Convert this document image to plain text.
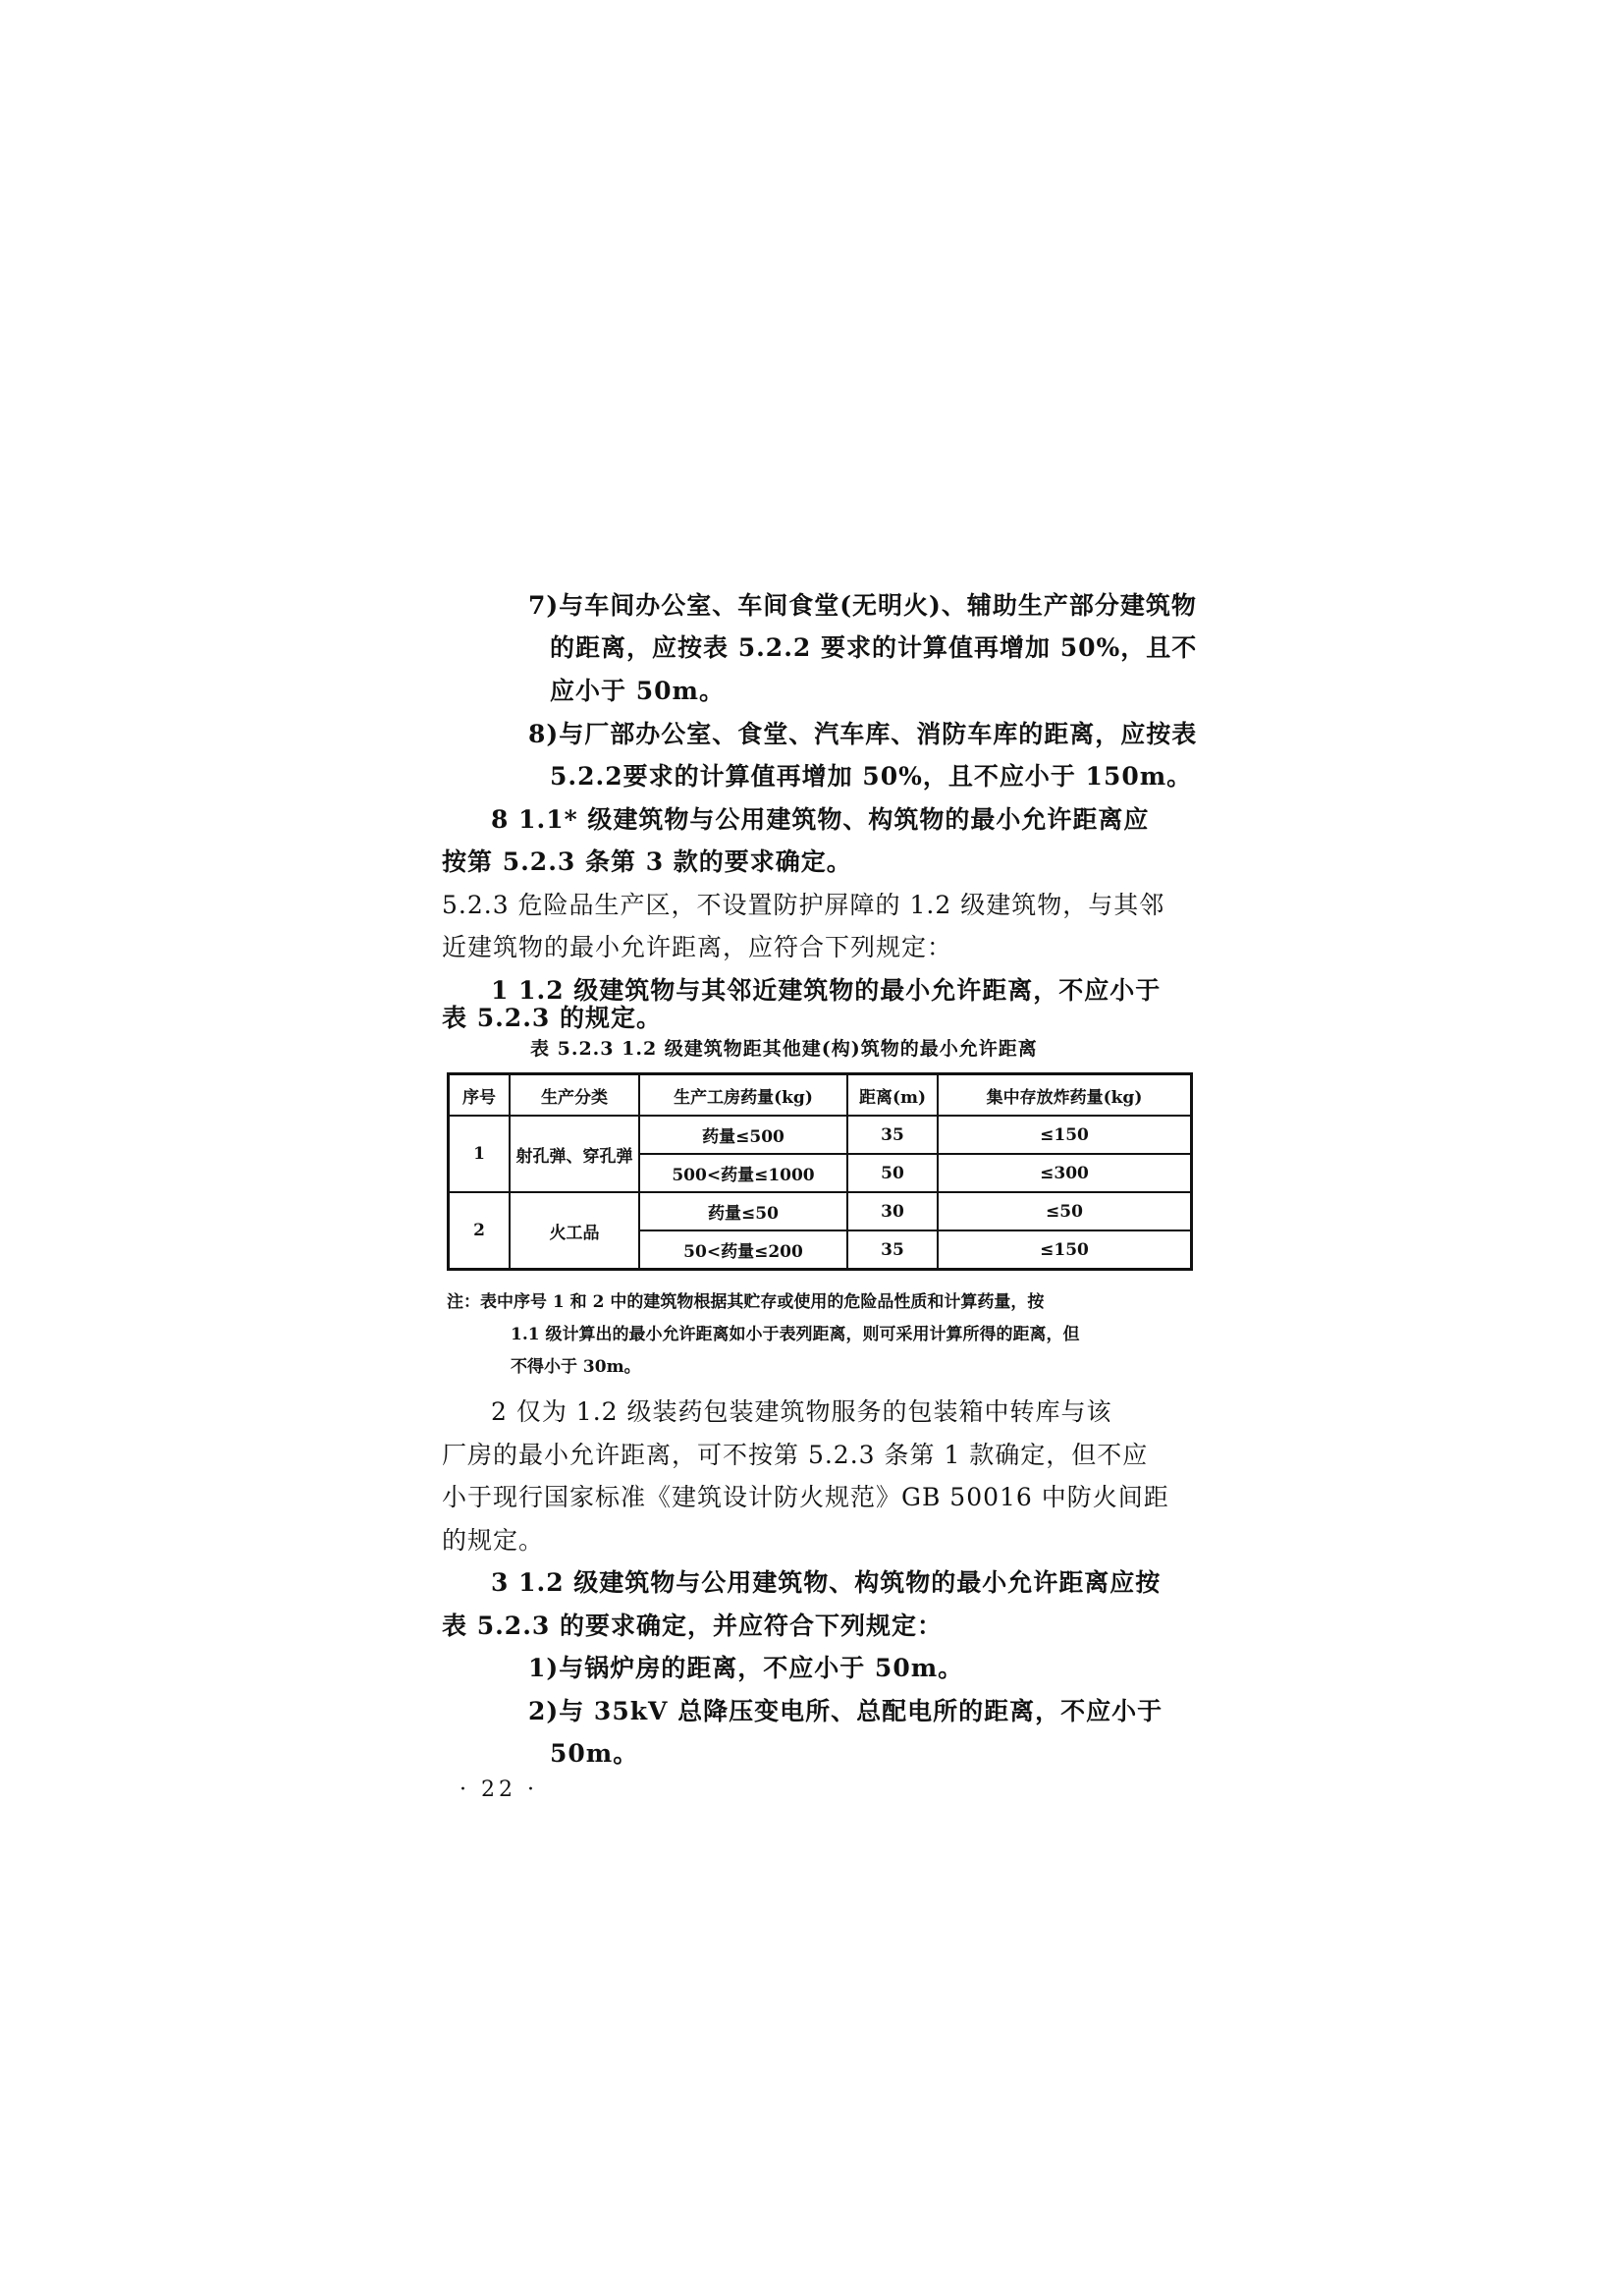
7)与车间办公室、车间食堂(无明火)、辅助生产部分建筑物
的距离，应按表 5.2.2 要求的计算值再增加 50%，且不
应小于 50m。
8)与厂部办公室、食堂、汽车库、消防车库的距离，应按表
5.2.2要求的计算值再增加 50%，且不应小于 150m。
8 1.1* 级建筑物与公用建筑物、构筑物的最小允许距离应
按第 5.2.3 条第 3 款的要求确定。
5.2.3 危险品生产区，不设置防护屏障的 1.2 级建筑物，与其邻
近建筑物的最小允许距离，应符合下列规定：
1 1.2 级建筑物与其邻近建筑物的最小允许距离，不应小于
表 5.2.3 的规定。
表 5.2.3 1.2 级建筑物距其他建(构)筑物的最小允许距离
序号	生产分类	生产工房药量(kg)	距离(m)	集中存放炸药量(kg)
1	射孔弹、穿孔弹	药量≤500	35	≤150
		500<药量≤1000	50	≤300
2	火工品	药量≤50	30	≤50
		50<药量≤200	35	≤150
注：表中序号 1 和 2 中的建筑物根据其贮存或使用的危险品性质和计算药量，按
1.1 级计算出的最小允许距离如小于表列距离，则可采用计算所得的距离，但
不得小于 30m。
2 仅为 1.2 级装药包装建筑物服务的包装箱中转库与该
厂房的最小允许距离，可不按第 5.2.3 条第 1 款确定，但不应
小于现行国家标准《建筑设计防火规范》GB 50016 中防火间距
的规定。
3 1.2 级建筑物与公用建筑物、构筑物的最小允许距离应按
表 5.2.3 的要求确定，并应符合下列规定：
1)与锅炉房的距离，不应小于 50m。
2)与 35kV 总降压变电所、总配电所的距离，不应小于
50m。
· 22 ·
